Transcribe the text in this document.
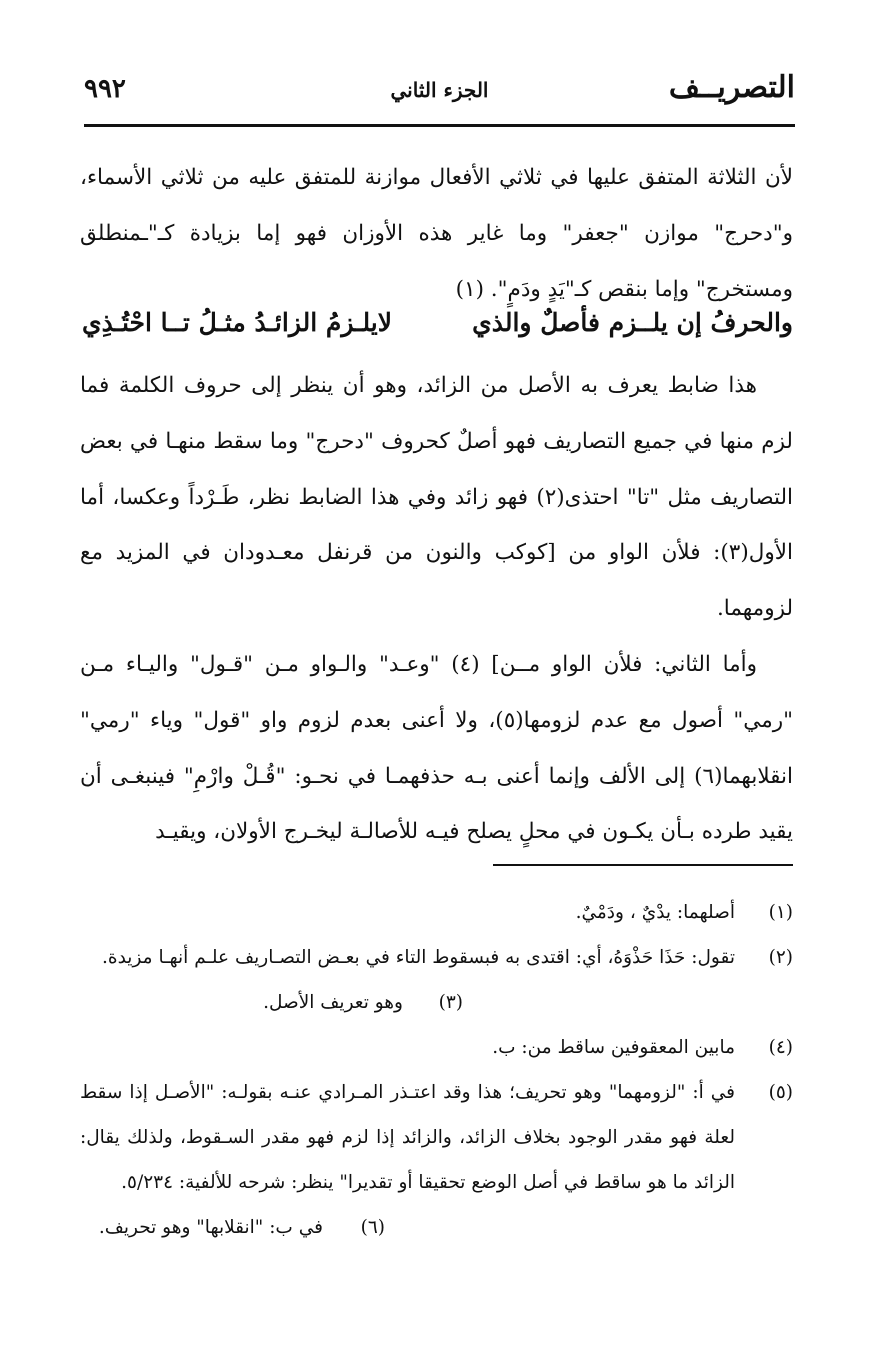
التصريــف
الجزء الثاني
٩٩٢

لأن الثلاثة المتفق عليها في ثلاثي الأفعال موازنة للمتفق عليه من ثلاثي الأسماء، و"دحرج" موازن "جعفر" وما غاير هذه الأوزان فهو إما بزيادة كـ"ـمنطلق ومستخرج" وإما بنقص كـ"يَدٍ ودَمٍ". (١)

والحرفُ إن يلــزم فأصلٌ والذي
لايلـزمُ الزائـدُ مثـلُ تــا احْتُـذِي

هذا ضابط يعرف به الأصل من الزائد، وهو أن ينظر إلى حروف الكلمة فما لزم منها في جميع التصاريف فهو أصلٌ كحروف "دحرج" وما سقط منهـا في بعض التصاريف مثل "تا" احتذى(٢) فهو زائد وفي هذا الضابط نظر، طَـرْداً وعكسا، أما الأول(٣): فلأن الواو من [كوكب والنون من قرنفل معـدودان في المزيد مع لزومهما.

وأما الثاني: فلأن الواو مــن] (٤) "وعـد" والـواو مـن "قـول" واليـاء مـن "رمي" أصول مع عدم لزومها(٥)، ولا أعنى بعدم لزوم واو "قول" وياء "رمي" انقلابهما(٦) إلى الألف وإنما أعنى بـه حذفهمـا في نحـو: "قُـلْ وارْمِ" فينبغـى أن يقيد طرده بـأن يكـون في محلٍ يصلح فيـه للأصالـة ليخـرج الأولان، ويقيـد

(١)
أصلهما: يدْيٌ ، ودَمْيٌ.
(٢)
تقول: حَذَا حَذْوَهُ، أي: اقتدى به فبسقوط التاء في بعـض التصـاريف علـم أنهـا مزيدة.
(٣)
وهو تعريف الأصل.
(٤)
مابين المعقوفين ساقط من: ب.
(٥)
في أ: "لزومهما" وهو تحريف؛ هذا وقد اعتـذر المـرادي عنـه بقولـه: "الأصـل إذا سقط لعلة فهو مقدر الوجود بخلاف الزائد، والزائد إذا لزم فهو مقدر السـقوط، ولذلك يقال: الزائد ما هو ساقط في أصل الوضع تحقيقا أو تقديرا" ينظر: شرحه للألفية: ٥/٢٣٤.
(٦)
في ب: "انقلابها" وهو تحريف.
